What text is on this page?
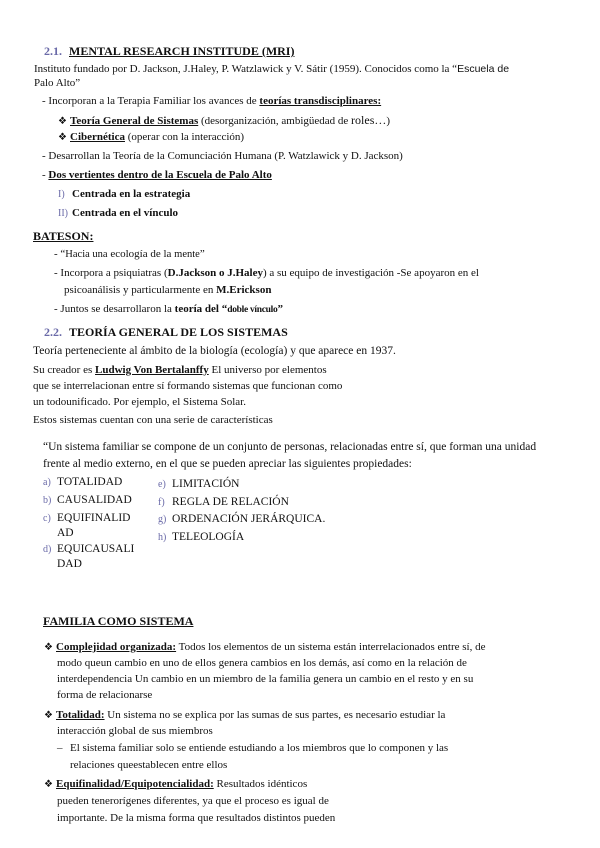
2.1. MENTAL RESEARCH INSTITUDE (MRI)
Instituto fundado por D. Jackson, J.Haley, P. Watzlawick y V. Sátir (1959). Conocidos como la “Escuela de
Palo Alto”
- Incorporan a la Terapia Familiar los avances de teorías transdisciplinares:
❖ Teoría General de Sistemas (desorganización, ambigüedad de roles…)
❖ Cibernética (operar con la interacción)
- Desarrollan la Teoría de la Comunciación Humana (P. Watzlawick y D. Jackson)
- Dos vertientes dentro de la Escuela de Palo Alto
I) Centrada en la estrategia
II) Centrada en el vínculo
BATESON:
- “Hacia una ecología de la mente”
- Incorpora a psiquiatras (D.Jackson o J.Haley) a su equipo de investigación -Se apoyaron en el
psicoanálisis y particularmente en M.Erickson
- Juntos se desarrollaron la teoría del “doble vínculo”
2.2. TEORÍA GENERAL DE LOS SISTEMAS
Teoría perteneciente al ámbito de la biología (ecología) y que aparece en 1937.
Su creador es Ludwig Von Bertalanffy El universo por elementos
que se interrelacionan entre sí formando sistemas que funcionan como
un todounificado. Por ejemplo, el Sistema Solar.
Estos sistemas cuentan con una serie de características
“Un sistema familiar se compone de un conjunto de personas, relacionadas entre sí, que forman una unidad
frente al medio externo, en el que se pueden apreciar las siguientes propiedades:
a) TOTALIDAD
b) CAUSALIDAD
c) EQUIFINALID
AD
d) EQUICAUSALI
DAD
e) LIMITACIÓN
f) REGLA DE RELACIÓN
g) ORDENACIÓN JERÁRQUICA.
h) TELEOLOGÍA
FAMILIA COMO SISTEMA
❖ Complejidad organizada: Todos los elementos de un sistema están interrelacionados entre sí, de
modo queun cambio en uno de ellos genera cambios en los demás, así como en la relación de
interdependencia Un cambio en un miembro de la familia genera un cambio en el resto y en su
forma de relacionarse
❖ Totalidad: Un sistema no se explica por las sumas de sus partes, es necesario estudiar la
interacción global de sus miembros
– El sistema familiar solo se entiende estudiando a los miembros que lo componen y las
relaciones queestablecen entre ellos
❖ Equifinalidad/Equipotencialidad: Resultados idénticos
pueden tenerorígenes diferentes, ya que el proceso es igual de
importante. De la misma forma que resultados distintos pueden
